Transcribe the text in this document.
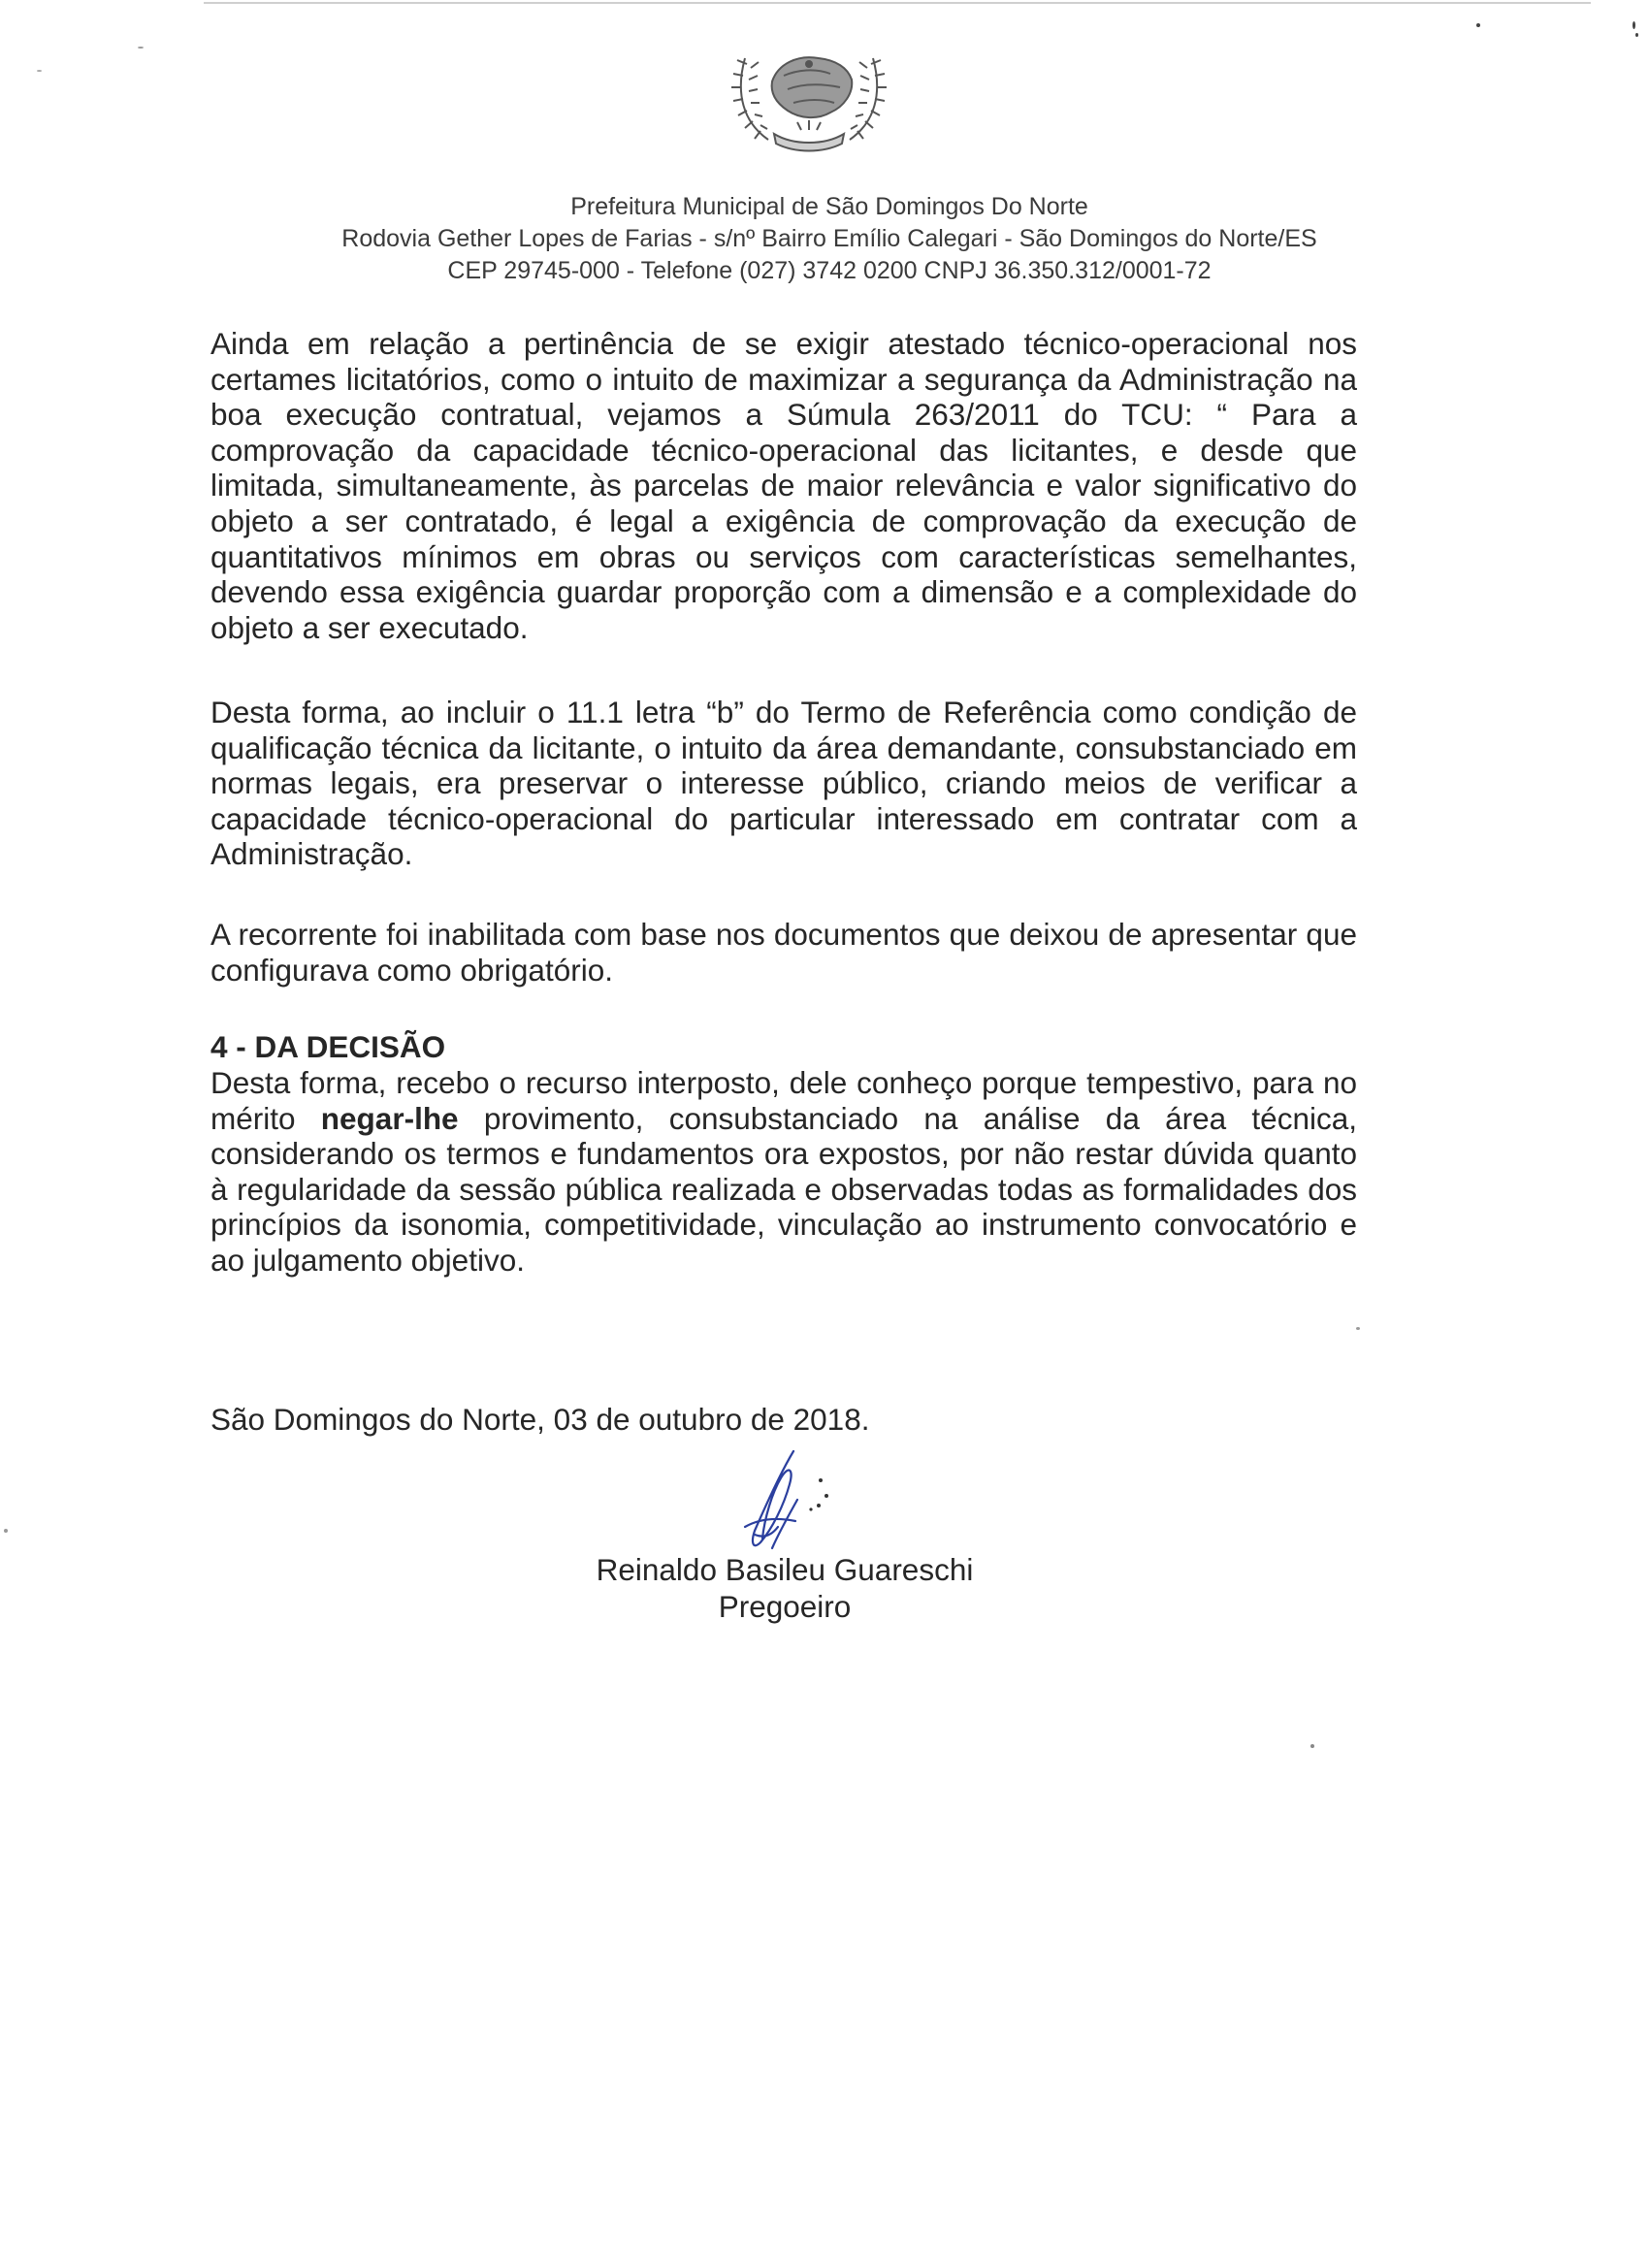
Prefeitura Municipal de São Domingos Do Norte
Rodovia Gether Lopes de Farias - s/nº Bairro Emílio Calegari - São Domingos do Norte/ES
CEP 29745-000 - Telefone (027) 3742 0200 CNPJ 36.350.312/0001-72

Ainda em relação a pertinência de se exigir atestado técnico-operacional nos certames licitatórios, como o intuito de maximizar a segurança da Administração na boa execução contratual, vejamos a Súmula 263/2011 do TCU: “ Para a comprovação da capacidade técnico-operacional das licitantes, e desde que limitada, simultaneamente, às parcelas de maior relevância e valor significativo do objeto a ser contratado, é legal a exigência de comprovação da execução de quantitativos mínimos em obras ou serviços com características semelhantes, devendo essa exigência guardar proporção com a dimensão e a complexidade do objeto a ser executado.

Desta forma, ao incluir o 11.1 letra “b” do Termo de Referência como condição de qualificação técnica da licitante, o intuito da área demandante, consubstanciado em normas legais, era preservar o interesse público, criando meios de verificar a capacidade técnico-operacional do particular interessado em contratar com a Administração.

A recorrente foi inabilitada com base nos documentos que deixou de apresentar que configurava como obrigatório.

4 - DA DECISÃO

Desta forma, recebo o recurso interposto, dele conheço porque tempestivo, para no mérito negar-lhe provimento, consubstanciado na análise da área técnica, considerando os termos e fundamentos ora expostos, por não restar dúvida quanto à regularidade da sessão pública realizada e observadas todas as formalidades dos princípios da isonomia, competitividade, vinculação ao instrumento convocatório e ao julgamento objetivo.

São Domingos do Norte, 03 de outubro de 2018.
Reinaldo Basileu Guareschi
Pregoeiro
